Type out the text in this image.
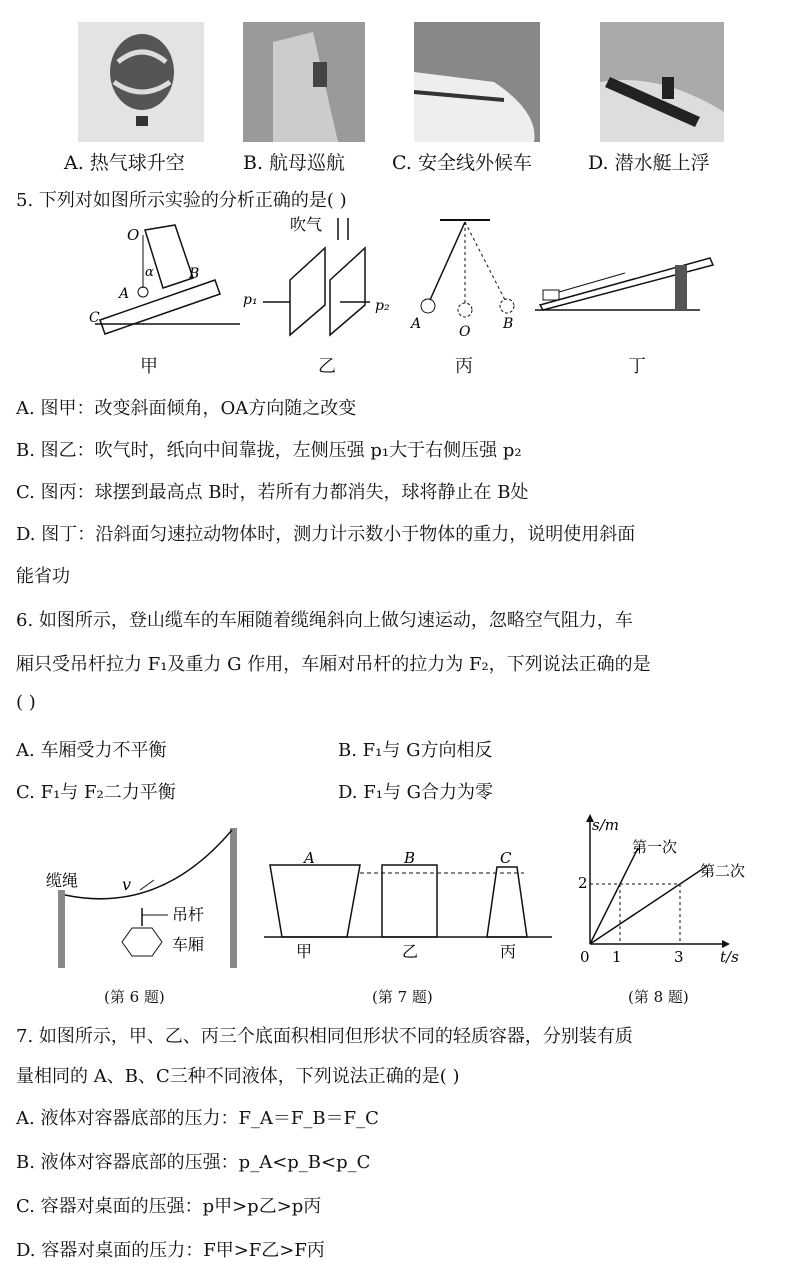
A. 热气球升空	B. 航母巡航 C. 安全线外候车	D. 潜水艇上浮
5. 下列对如图所示实验的分析正确的是( )
O
α
A
B
C
吹气
p₁	p₂
A	O B
甲	乙	丙	丁
A. 图甲：改变斜面倾角，OA方向随之改变
B. 图乙：吹气时，纸向中间靠拢，左侧压强 p₁大于右侧压强 p₂
C. 图丙：球摆到最高点 B时，若所有力都消失，球将静止在 B处
D. 图丁：沿斜面匀速拉动物体时，测力计示数小于物体的重力，说明使用斜面
能省功
6. 如图所示，登山缆车的车厢随着缆绳斜向上做匀速运动，忽略空气阻力，车
厢只受吊杆拉力 F₁及重力 G 作用，车厢对吊杆的拉力为 F₂，下列说法正确的是
( )
A. 车厢受力不平衡	B. F₁与 G方向相反
C. F₁与 F₂二力平衡	D. F₁与 G合力为零
缆绳	v
吊杆
车厢
(第 6 题)
A	B	C
甲	乙	丙
(第 7 题)
s/m
t/s
0 1	3
2
第一次
第二次
(第 8 题)
7. 如图所示，甲、乙、丙三个底面积相同但形状不同的轻质容器，分别装有质
量相同的 A、B、C三种不同液体，下列说法正确的是( )
A. 液体对容器底部的压力：F_A＝F_B＝F_C
B. 液体对容器底部的压强：p_A<p_B<p_C
C. 容器对桌面的压强：p甲>p乙>p丙
D. 容器对桌面的压力：F甲>F乙>F丙
